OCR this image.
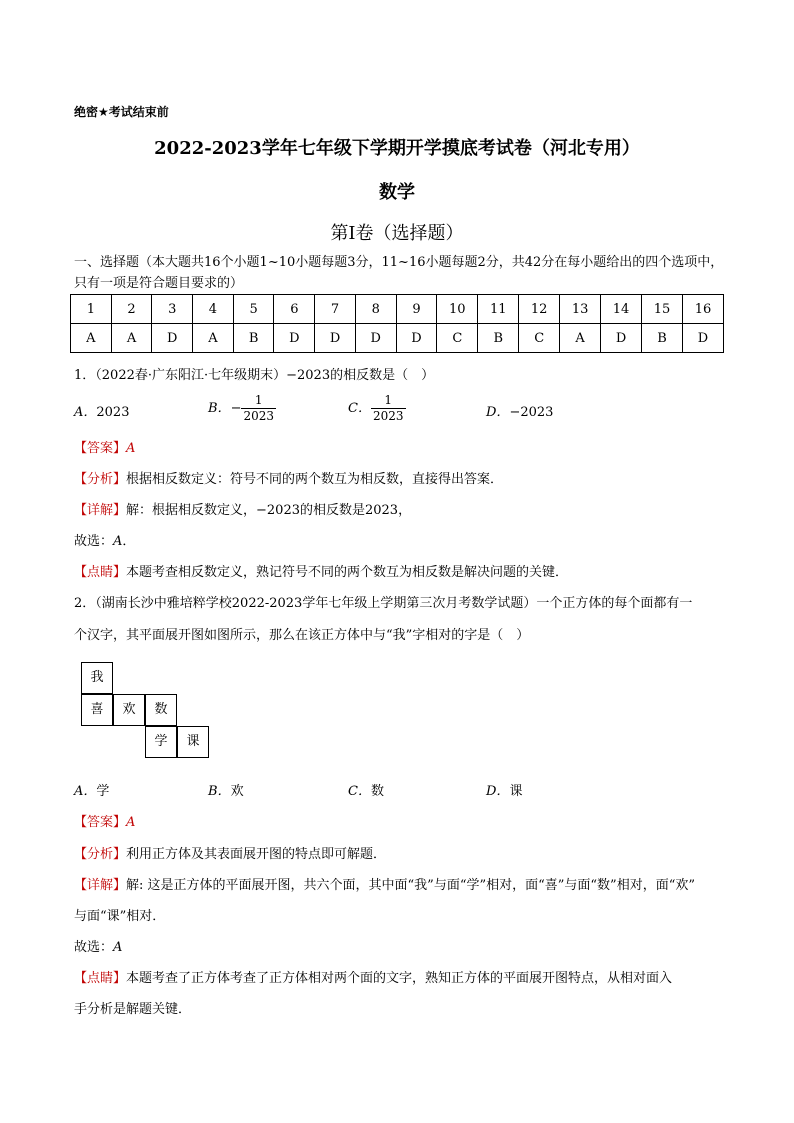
绝密★考试结束前
2022-2023学年七年级下学期开学摸底考试卷（河北专用）
数学
第Ⅰ卷（选择题）
一、选择题（本大题共16个小题1~10小题每题3分，11~16小题每题2分，共42分在每小题给出的四个选项中，只有一项是符合题目要求的）
1	2	3	4	5	6	7	8	9	10	11	12	13	14	15	16
A	A	D	A	B	D	D	D	D	C	B	C	A	D	B	D
1．（2022春·广东阳江·七年级期末）−2023的相反数是（　）
A．2023	B．− $\frac{1}{2023}$	C． $\frac{1}{2023}$	D．−2023
【答案】A
【分析】根据相反数定义：符号不同的两个数互为相反数，直接得出答案．
【详解】解：根据相反数定义，−2023的相反数是2023，
故选：A．
【点睛】本题考查相反数定义，熟记符号不同的两个数互为相反数是解决问题的关键．
2．（湖南长沙中雅培粹学校2022-2023学年七年级上学期第三次月考数学试题）一个正方体的每个面都有一
个汉字，其平面展开图如图所示，那么在该正方体中与“我”字相对的字是（　）
我
喜	欢	数
学	课
A．学	B．欢	C．数	D．课
【答案】A
【分析】利用正方体及其表面展开图的特点即可解题．
【详解】解: 这是正方体的平面展开图，共六个面，其中面“我”与面“学”相对，面“喜”与面“数”相对，面“欢”
与面“课”相对．
故选：A
【点睛】本题考查了正方体考查了正方体相对两个面的文字，熟知正方体的平面展开图特点，从相对面入
手分析是解题关键．
